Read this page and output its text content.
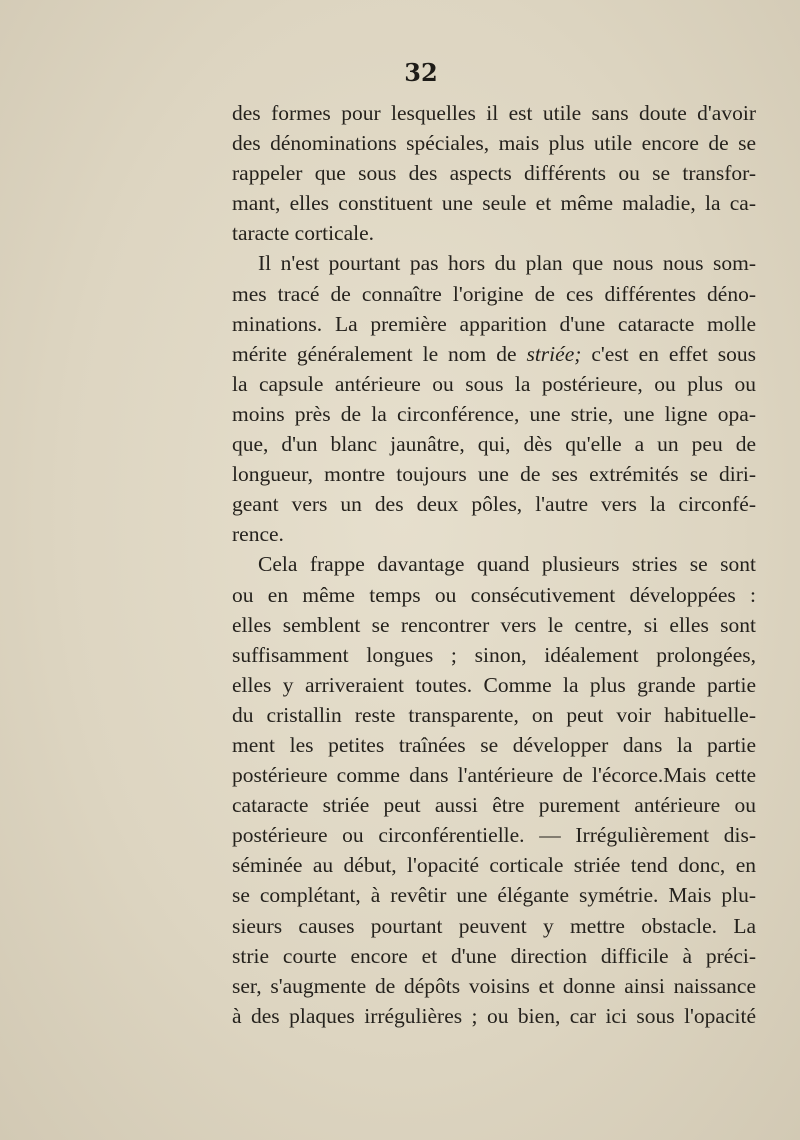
32
des formes pour lesquelles il est utile sans doute d'avoir
des dénominations spéciales, mais plus utile encore de se
rappeler que sous des aspects différents ou se transfor-
mant, elles constituent une seule et même maladie, la ca-
taracte corticale.
Il n'est pourtant pas hors du plan que nous nous som-
mes tracé de connaître l'origine de ces différentes déno-
minations. La première apparition d'une cataracte molle
mérite généralement le nom de striée; c'est en effet sous
la capsule antérieure ou sous la postérieure, ou plus ou
moins près de la circonférence, une strie, une ligne opa-
que, d'un blanc jaunâtre, qui, dès qu'elle a un peu de
longueur, montre toujours une de ses extrémités se diri-
geant vers un des deux pôles, l'autre vers la circonfé-
rence.
Cela frappe davantage quand plusieurs stries se sont
ou en même temps ou consécutivement développées :
elles semblent se rencontrer vers le centre, si elles sont
suffisamment longues ; sinon, idéalement prolongées,
elles y arriveraient toutes. Comme la plus grande partie
du cristallin reste transparente, on peut voir habituelle-
ment les petites traînées se développer dans la partie
postérieure comme dans l'antérieure de l'écorce.Mais cette
cataracte striée peut aussi être purement antérieure ou
postérieure ou circonférentielle. — Irrégulièrement dis-
séminée au début, l'opacité corticale striée tend donc, en
se complétant, à revêtir une élégante symétrie. Mais plu-
sieurs causes pourtant peuvent y mettre obstacle. La
strie courte encore et d'une direction difficile à préci-
ser, s'augmente de dépôts voisins et donne ainsi naissance
à des plaques irrégulières ; ou bien, car ici sous l'opacité
